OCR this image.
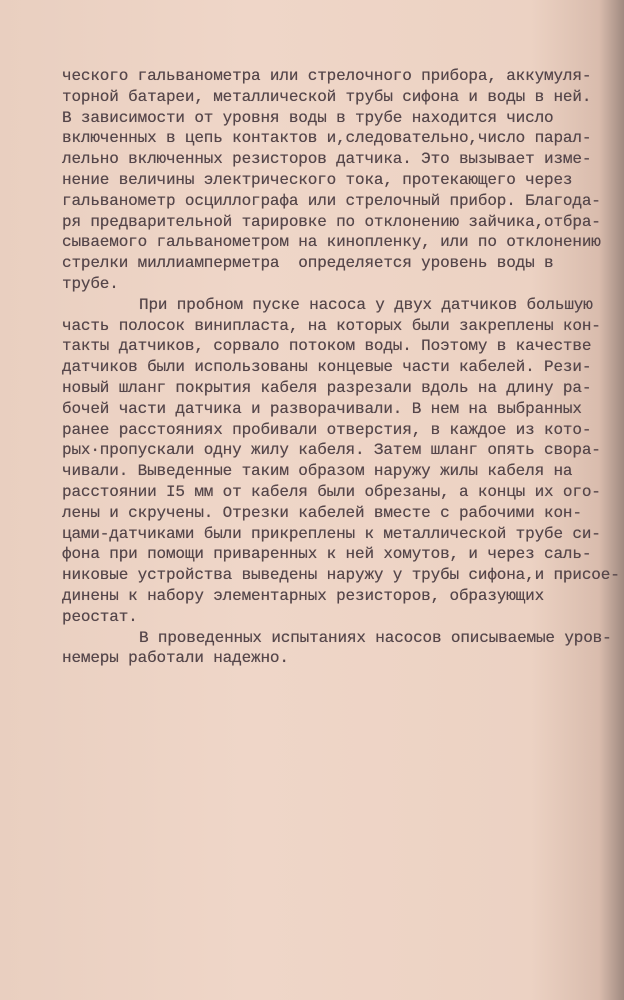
ческого гальванометра или стрелочного прибора, аккумуля-
торной батареи, металлической трубы сифона и воды в ней.
В зависимости от уровня воды в трубе находится число
включенных в цепь контактов и,следовательно,число парал-
лельно включенных резисторов датчика. Это вызывает изме-
нение величины электрического тока, протекающего через
гальванометр осциллографа или стрелочный прибор. Благода-
ря предварительной тарировке по отклонению зайчика,отбра-
сываемого гальванометром на кинопленку, или по отклонению
стрелки миллиамперметра  определяется уровень воды в
трубе.
При пробном пуске насоса у двух датчиков большую
часть полосок винипласта, на которых были закреплены кон-
такты датчиков, сорвало потоком воды. Поэтому в качестве
датчиков были использованы концевые части кабелей. Рези-
новый шланг покрытия кабеля разрезали вдоль на длину ра-
бочей части датчика и разворачивали. В нем на выбранных
ранее расстояниях пробивали отверстия, в каждое из кото-
рых·пропускали одну жилу кабеля. Затем шланг опять свора-
чивали. Выведенные таким образом наружу жилы кабеля на
расстоянии I5 мм от кабеля были обрезаны, а концы их ого-
лены и скручены. Отрезки кабелей вместе с рабочими кон-
цами-датчиками были прикреплены к металлической трубе си-
фона при помощи приваренных к ней хомутов, и через саль-
никовые устройства выведены наружу у трубы сифона,и присое-
динены к набору элементарных резисторов, образующих
реостат.
В проведенных испытаниях насосов описываемые уров-
немеры работали надежно.
